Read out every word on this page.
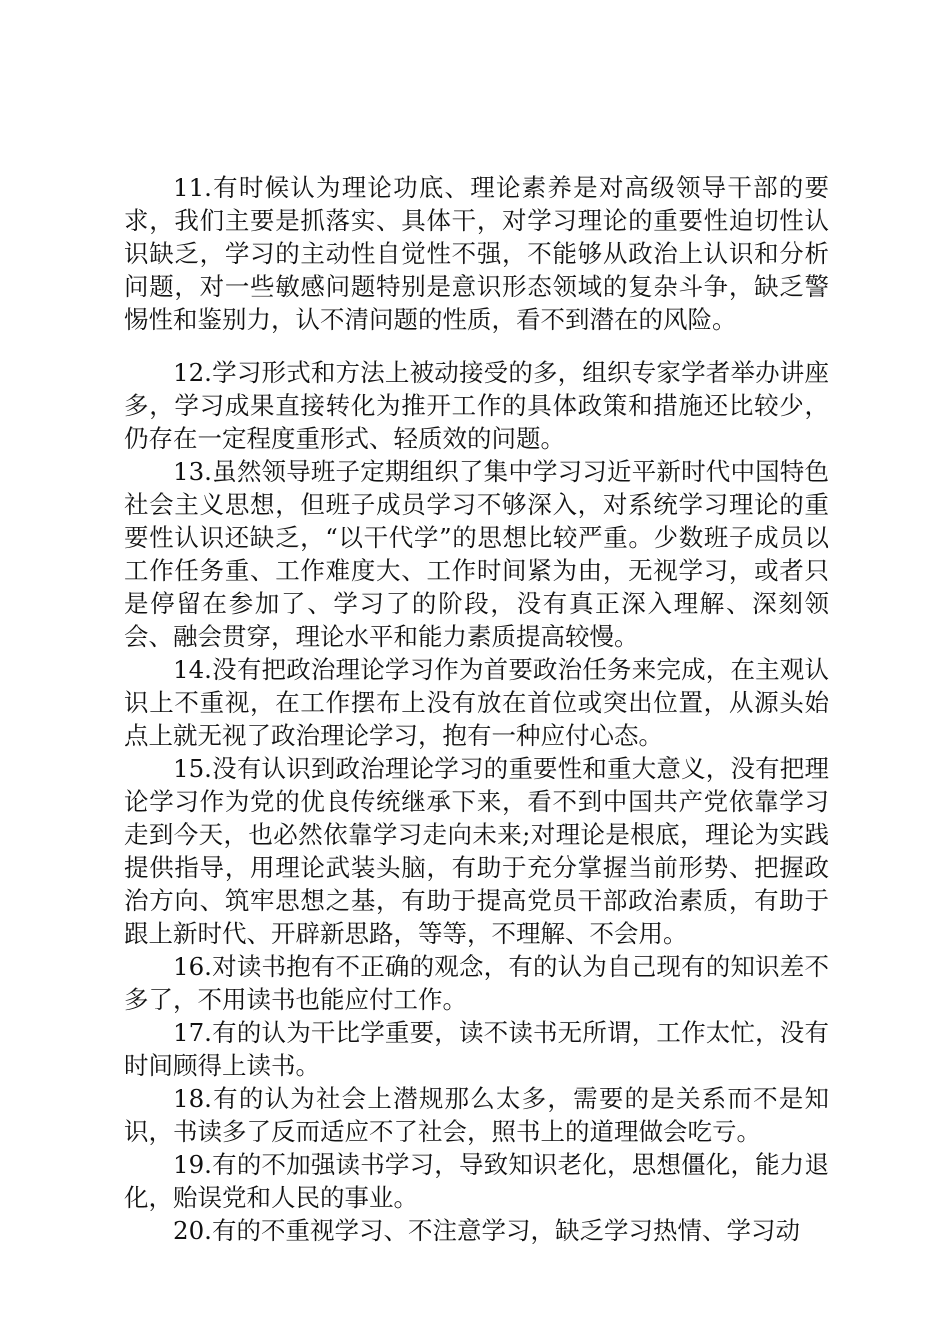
11.有时候认为理论功底、理论素养是对高级领导干部的要求，我们主要是抓落实、具体干，对学习理论的重要性迫切性认识缺乏，学习的主动性自觉性不强，不能够从政治上认识和分析问题，对一些敏感问题特别是意识形态领域的复杂斗争，缺乏警惕性和鉴别力，认不清问题的性质，看不到潜在的风险。

12.学习形式和方法上被动接受的多，组织专家学者举办讲座多，学习成果直接转化为推开工作的具体政策和措施还比较少，仍存在一定程度重形式、轻质效的问题。

13.虽然领导班子定期组织了集中学习习近平新时代中国特色社会主义思想，但班子成员学习不够深入，对系统学习理论的重要性认识还缺乏，“以干代学”的思想比较严重。少数班子成员以工作任务重、工作难度大、工作时间紧为由，无视学习，或者只是停留在参加了、学习了的阶段，没有真正深入理解、深刻领会、融会贯穿，理论水平和能力素质提高较慢。

14.没有把政治理论学习作为首要政治任务来完成，在主观认识上不重视，在工作摆布上没有放在首位或突出位置，从源头始点上就无视了政治理论学习，抱有一种应付心态。

15.没有认识到政治理论学习的重要性和重大意义，没有把理论学习作为党的优良传统继承下来，看不到中国共产党依靠学习走到今天，也必然依靠学习走向未来;对理论是根底，理论为实践提供指导，用理论武装头脑，有助于充分掌握当前形势、把握政治方向、筑牢思想之基，有助于提高党员干部政治素质，有助于跟上新时代、开辟新思路，等等，不理解、不会用。

16.对读书抱有不正确的观念，有的认为自己现有的知识差不多了，不用读书也能应付工作。

17.有的认为干比学重要，读不读书无所谓，工作太忙，没有时间顾得上读书。

18.有的认为社会上潜规那么太多，需要的是关系而不是知识，书读多了反而适应不了社会，照书上的道理做会吃亏。

19.有的不加强读书学习，导致知识老化，思想僵化，能力退化，贻误党和人民的事业。

20.有的不重视学习、不注意学习，缺乏学习热情、学习动
